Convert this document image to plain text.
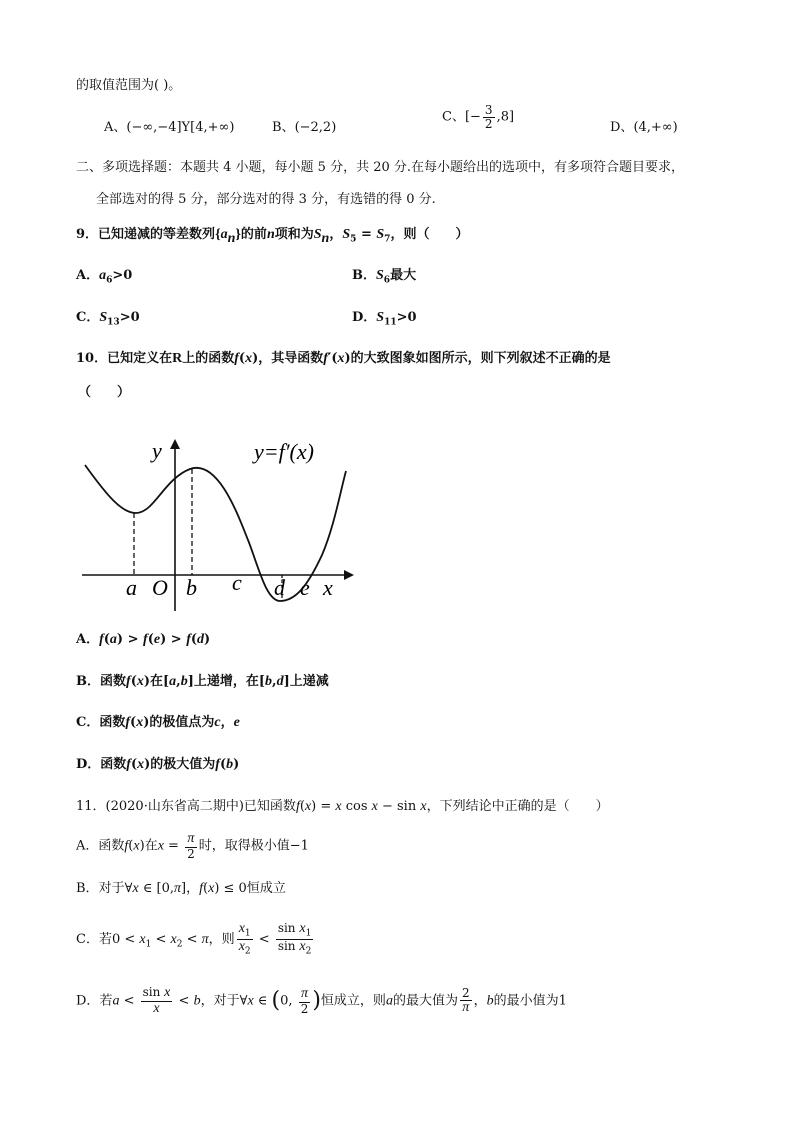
的取值范围为( )。
A、(−∞,−4]Y[4,+∞)	B、(−2,2)
C、[− $\frac{3}{2} ,8$]
D、(4,+∞)
二、多项选择题：本题共 4 小题，每小题 5 分，共 20 分.在每小题给出的选项中，有多项符合题目要求，
全部选对的得 5 分，部分选对的得 3 分，有选错的得 0 分.
9．已知递减的等差数列$\{a_n\}$的前n项和为$S_n$，$S_5 = S_7$，则（　　）
A．$a_6>0$	B．$S_6$最大
C．$S_{13}>0$	D．$S_{11}>0$
10．已知定义在R上的函数f(x)，其导函数f′(x)的大致图象如图所示，则下列叙述不正确的是
（　　）
y
x
y=f′(x)
a O b c d e
A．f(a) > f(e) > f(d)
B．函数f(x)在[a,b]上递增，在[b,d]上递减
C．函数f(x)的极值点为c，e
D．函数f(x)的极大值为f(b)
11．(2020·山东省高二期中)已知函数f(x) = x cos x − sin x，下列结论中正确的是（　　）
A．函数f(x)在$x = \frac{\pi}{2}$ 时，取得极小值−1
B．对于∀x ∈ [0,π]，f(x) ≤ 0恒成立
C．若$0 < x_1 < x_2 < \pi$，则 $\frac{x_1}{x_2} < \frac{\sin x_1}{\sin x_2}$
D．若$a < \frac{\text{sin x}}{x} < b$，对于∀x ∈ (0, $\frac{\pi}{2}$ )恒成立，则a的最大值为 $\frac{2}{\pi}$ ，b的最小值为1
